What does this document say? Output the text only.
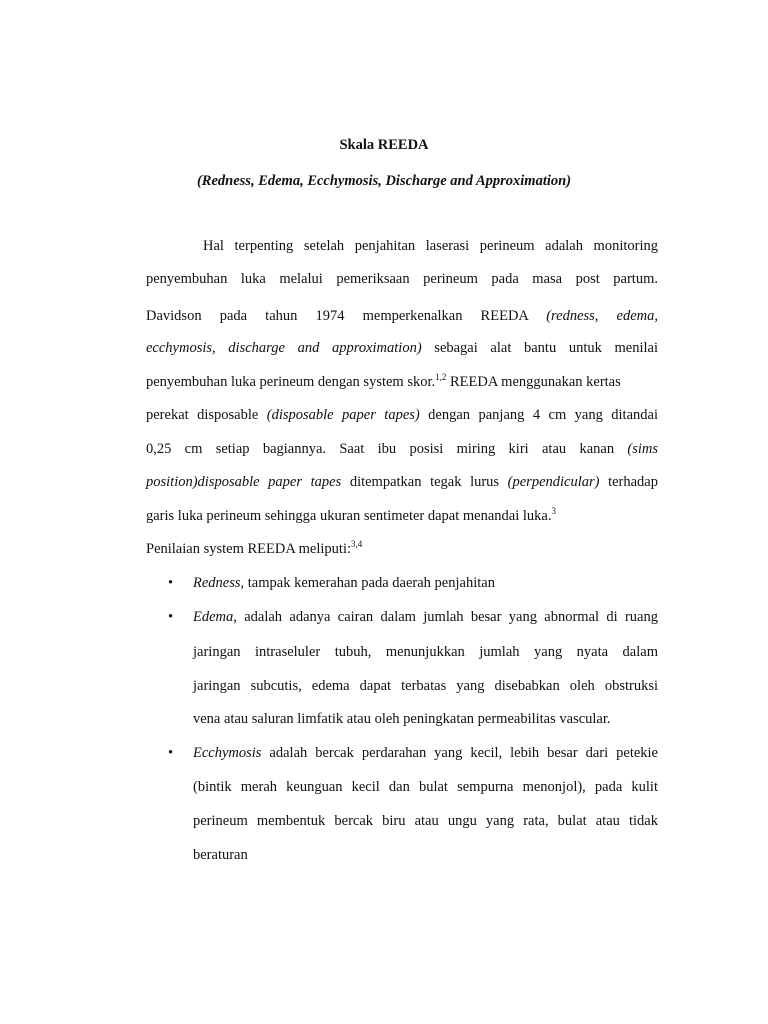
Skala REEDA

(Redness, Edema, Ecchymosis, Discharge and Approximation)

Hal terpenting setelah penjahitan laserasi perineum adalah monitoring
penyembuhan luka melalui pemeriksaan perineum pada masa post partum.
Davidson pada tahun 1974 memperkenalkan REEDA (redness, edema,
ecchymosis, discharge and approximation) sebagai alat bantu untuk menilai
penyembuhan luka perineum dengan system skor.$^{1,2}$ REEDA menggunakan kertas
perekat disposable (disposable paper tapes) dengan panjang 4 cm yang ditandai
0,25 cm setiap bagiannya. Saat ibu posisi miring kiri atau kanan (sims
position)disposable paper tapes ditempatkan tegak lurus (perpendicular) terhadap
garis luka perineum sehingga ukuran sentimeter dapat menandai luka.$^3$
Penilaian system REEDA meliputi:$^{3,4}$
•	Redness, tampak kemerahan pada daerah penjahitan
•	Edema, adalah adanya cairan dalam jumlah besar yang abnormal di ruang
jaringan intraseluler tubuh, menunjukkan jumlah yang nyata dalam
jaringan subcutis, edema dapat terbatas yang disebabkan oleh obstruksi
vena atau saluran limfatik atau oleh peningkatan permeabilitas vascular.
•	Ecchymosis adalah bercak perdarahan yang kecil, lebih besar dari petekie
(bintik merah keunguan kecil dan bulat sempurna menonjol), pada kulit
perineum membentuk bercak biru atau ungu yang rata, bulat atau tidak
beraturan
